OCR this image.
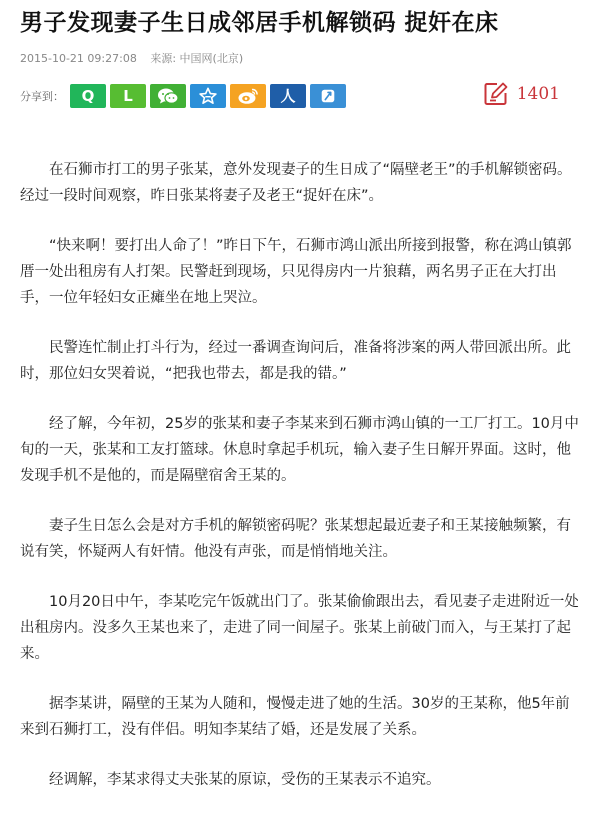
男子发现妻子生日成邻居手机解锁码 捉奸在床
2015-10-21 09:27:08 来源: 中国网(北京)
分享到： Q L	人	1401

在石狮市打工的男子张某，意外发现妻子的生日成了“隔壁老王”的手机解锁密码。经过一段时间观察，昨日张某将妻子及老王“捉奸在床”。

“快来啊！要打出人命了！”昨日下午，石狮市鸿山派出所接到报警，称在鸿山镇郭厝一处出租房有人打架。民警赶到现场，只见得房内一片狼藉，两名男子正在大打出手，一位年轻妇女正瘫坐在地上哭泣。

民警连忙制止打斗行为，经过一番调查询问后，准备将涉案的两人带回派出所。此时，那位妇女哭着说，“把我也带去，都是我的错。”

经了解，今年初，25岁的张某和妻子李某来到石狮市鸿山镇的一工厂打工。10月中旬的一天，张某和工友打篮球。休息时拿起手机玩，输入妻子生日解开界面。这时，他发现手机不是他的，而是隔壁宿舍王某的。

妻子生日怎么会是对方手机的解锁密码呢？张某想起最近妻子和王某接触频繁，有说有笑，怀疑两人有奸情。他没有声张，而是悄悄地关注。

10月20日中午，李某吃完午饭就出门了。张某偷偷跟出去，看见妻子走进附近一处出租房内。没多久王某也来了，走进了同一间屋子。张某上前破门而入，与王某打了起来。

据李某讲，隔壁的王某为人随和，慢慢走进了她的生活。30岁的王某称，他5年前来到石狮打工，没有伴侣。明知李某结了婚，还是发展了关系。

经调解，李某求得丈夫张某的原谅，受伤的王某表示不追究。
